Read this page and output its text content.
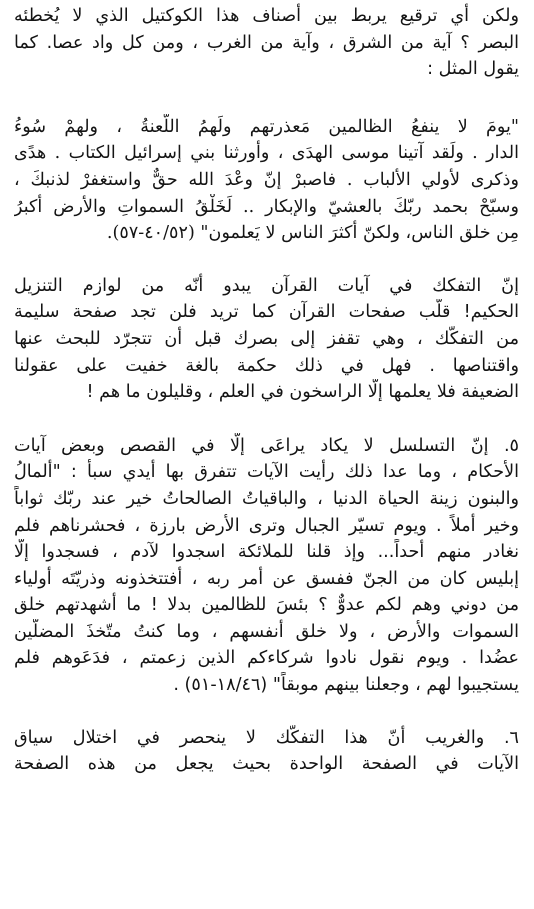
ولكن أي ترقيع يربط بين أصناف هذا الكوكتيل الذي لا يُخطئه
البصر ؟ آية من الشرق ، وآية من الغرب ، ومن كل واد عصا. كما
يقول المثل :
"يومَ لا ينفعُ الظالمين مَعذرتهم ولَهمُ اللّعنةُ ، ولهمْ سُوءُ
الدار . ولَقد آتينا موسى الهدَى ، وأورثنا بني إسرائيل الكتاب . هدًى
وذكرى لأولي الألباب . فاصبرْ إنّ وعْدَ الله حقٌّ واستغفرْ لذنبكَ ،
وسبّحْ بحمد ربّكَ بالعشيّ والإبكار .. لَخَلْقُ السمواتِ والأرض أكبرُ
مِن خلق الناس، ولكنّ أكثرَ الناس لا يَعلمون" (٤٠/٥٢-٥٧).
إنّ التفكك في آيات القرآن يبدو أنّه من لوازم التنزيل
الحكيم! قلّب صفحات القرآن كما تريد فلن تجد صفحة سليمة
من التفكّك ، وهي تقفز إلى بصرك قبل أن تتجرّد للبحث عنها
واقتناصها . فهل في ذلك حكمة بالغة خفيت على عقولنا
الضعيفة فلا يعلمها إلّا الراسخون في العلم ، وقليلون ما هم !
٥. إنّ التسلسل لا يكاد يراعَى إلّا في القصص وبعض آيات
الأحكام ، وما عدا ذلك رأيت الآيات تتفرق بها أيدي سبأ : "ألمالُ
والبنون زينة الحياة الدنيا ، والباقياتُ الصالحاتُ خير عند ربّك ثواباً
وخير أملاً . ويوم تسيّر الجبال وترى الأرض بارزة ، فحشرناهم فلم
نغادر منهم أحداً... وإذ قلنا للملائكة اسجدوا لآدم ، فسجدوا إلّا
إبليس كان من الجنّ ففسق عن أمر ربه ، أفتتخذونه وذريّتَه أولياء
من دوني وهم لكم عدوٌّ ؟ بئسَ للظالمين بدلا ! ما أشهدتهم خلق
السموات والأرض ، ولا خلق أنفسهم ، وما كنتُ متّخذَ المضلّين
عضُدا . ويوم نقول نادوا شركاءكم الذين زعمتم ، فدَعَوهم فلم
يستجيبوا لهم ، وجعلنا بينهم موبقاً" (١٨/٤٦-٥١) .
٦. والغريب أنّ هذا التفكّك لا ينحصر في اختلال سياق
الآيات في الصفحة الواحدة بحيث يجعل من هذه الصفحة
